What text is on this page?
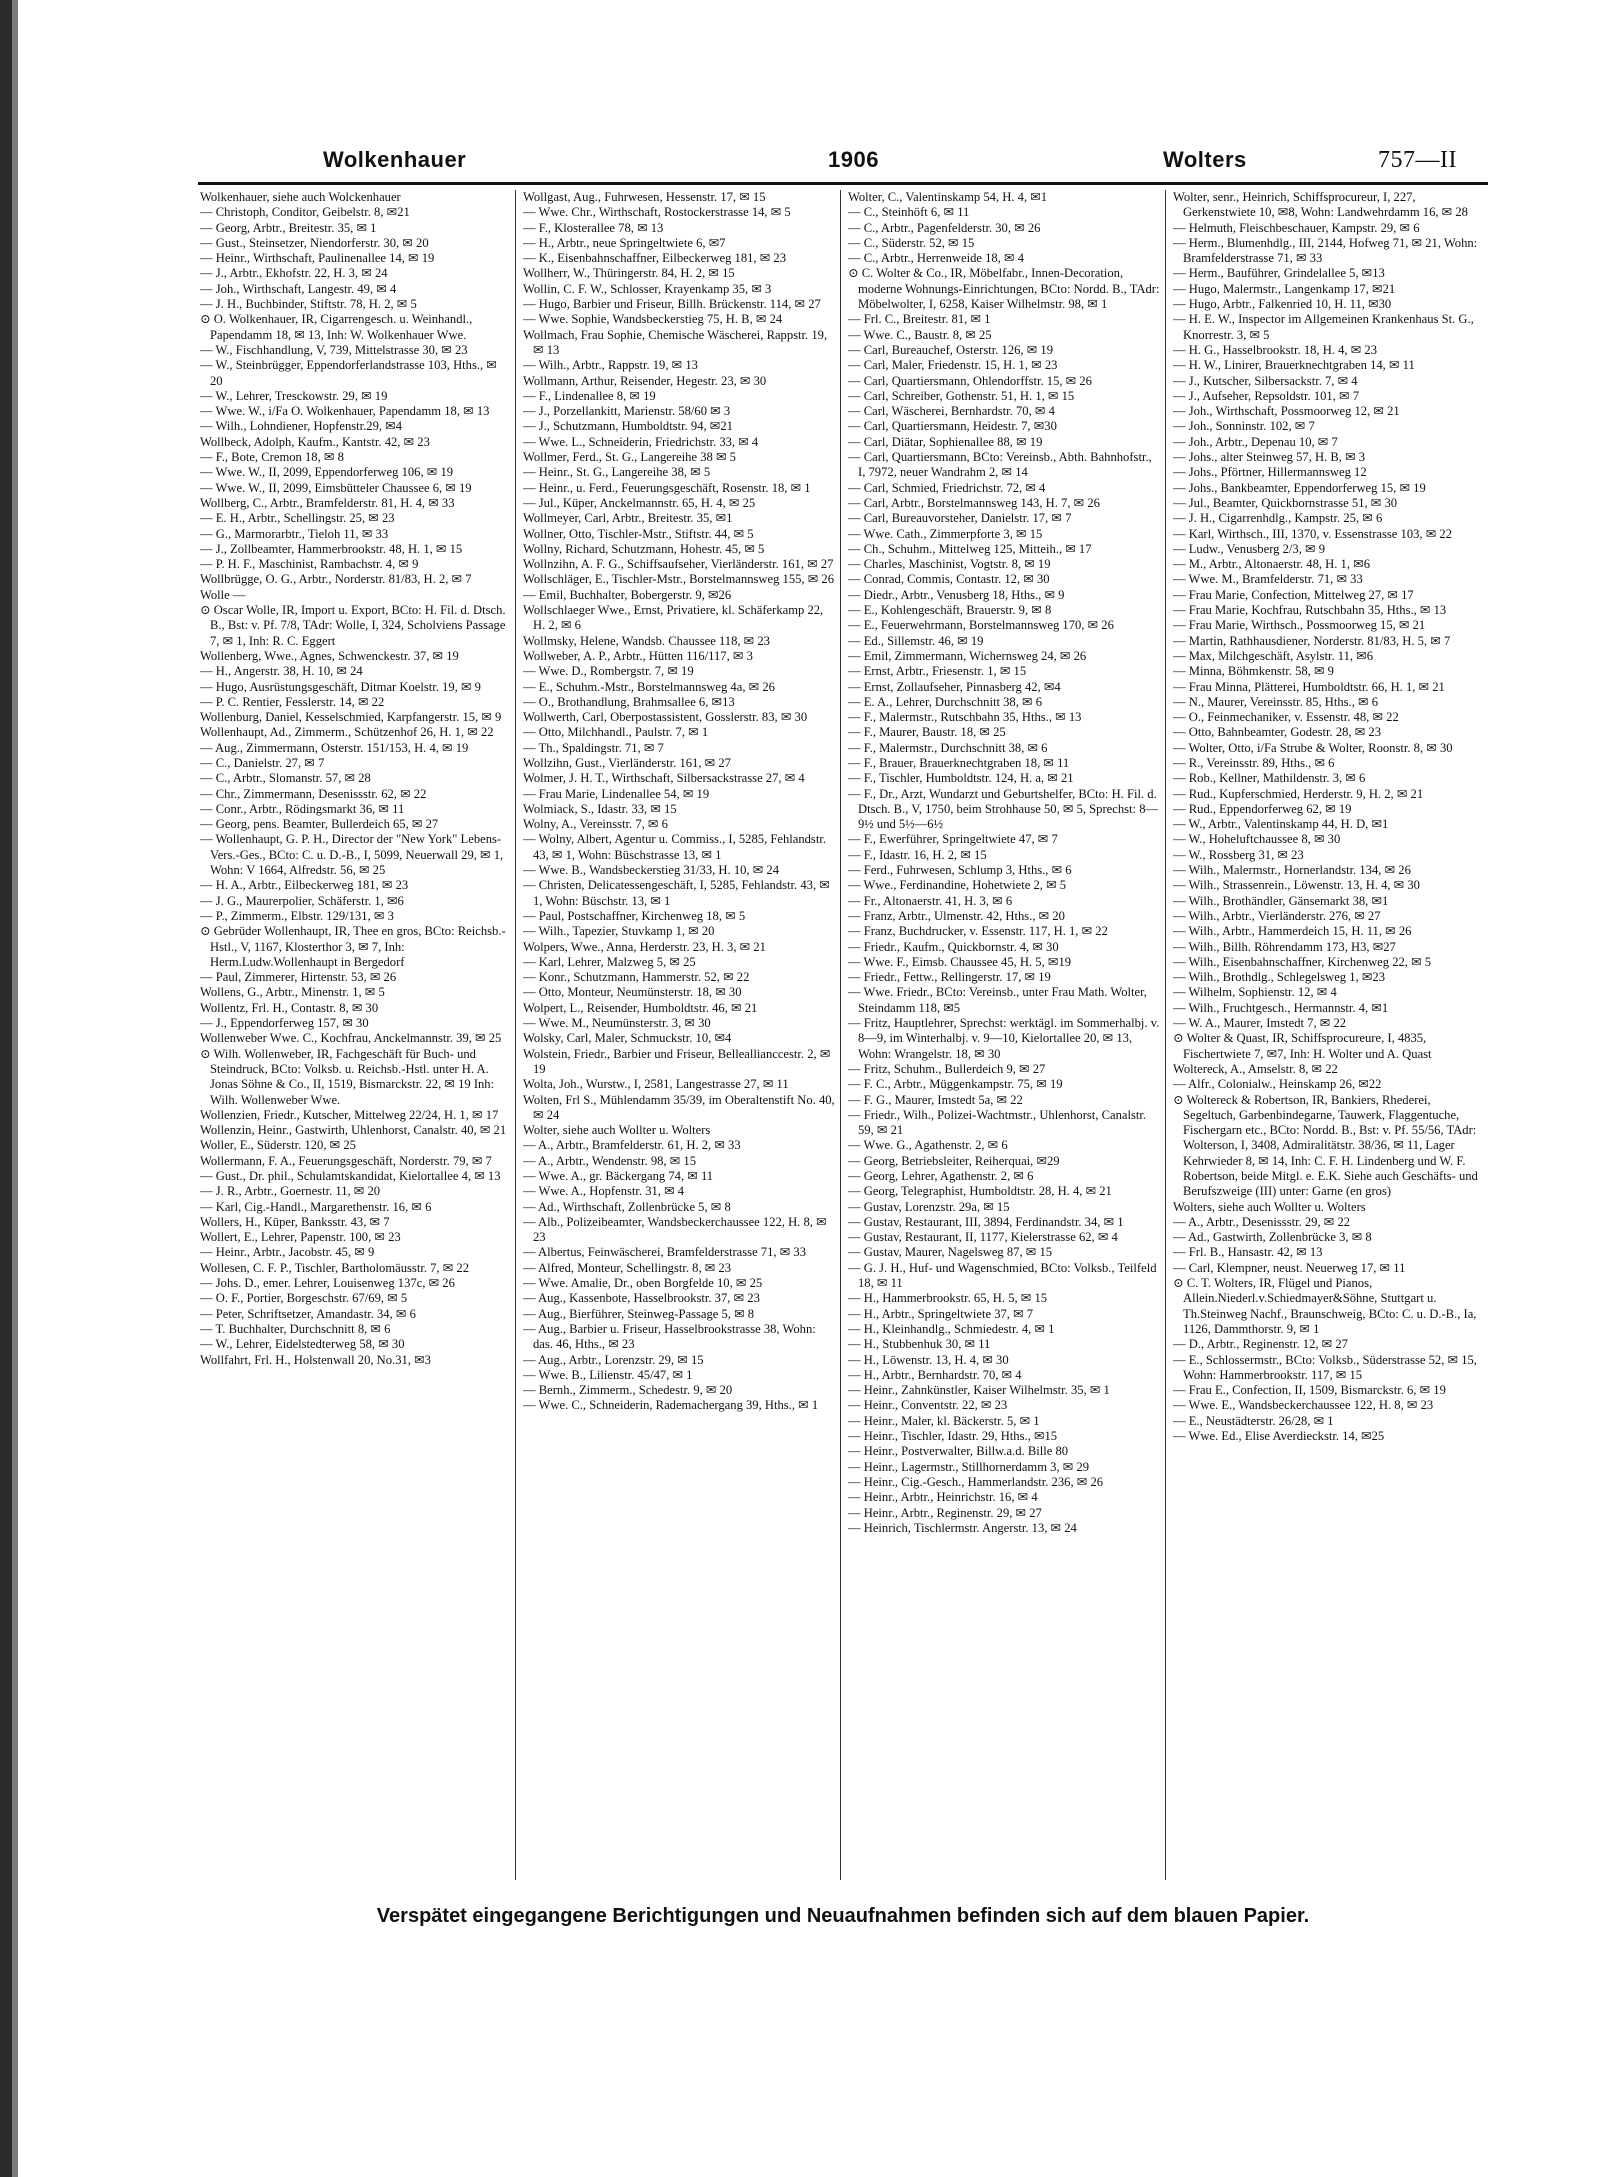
Wolkenhauer	1906	Wolters	757—II
Wolkenhauer, siehe auch Wolckenhauer
— Christoph, Conditor, Geibelstr. 8, ✉21
— Georg, Arbtr., Breitestr. 35, ✉ 1
— Gust., Steinsetzer, Niendorferstr. 30, ✉ 20
— Heinr., Wirthschaft, Paulinenallee 14, ✉ 19
— J., Arbtr., Ekhofstr. 22, H. 3, ✉ 24
— Joh., Wirthschaft, Langestr. 49, ✉ 4
— J. H., Buchbinder, Stiftstr. 78, H. 2, ✉ 5
⊙ O. Wolkenhauer, IR, Cigarrengesch. u. Weinhandl., Papendamm 18, ✉ 13, Inh: W. Wolkenhauer Wwe.
— W., Fischhandlung, V, 739, Mittelstrasse 30, ✉ 23
— W., Steinbrügger, Eppendorferlandstrasse 103, Hths., ✉ 20
— W., Lehrer, Tresckowstr. 29, ✉ 19
— Wwe. W., i/Fa O. Wolkenhauer, Papendamm 18, ✉ 13
— Wilh., Lohndiener, Hopfenstr.29, ✉4
Wollbeck, Adolph, Kaufm., Kantstr. 42, ✉ 23
— F., Bote, Cremon 18, ✉ 8
— Wwe. W., II, 2099, Eppendorferweg 106, ✉ 19
— Wwe. W., II, 2099, Eimsbütteler Chaussee 6, ✉ 19
Wollberg, C., Arbtr., Bramfelderstr. 81, H. 4, ✉ 33
— E. H., Arbtr., Schellingstr. 25, ✉ 23
— G., Marmorarbtr., Tieloh 11, ✉ 33
— J., Zollbeamter, Hammerbrookstr. 48, H. 1, ✉ 15
— P. H. F., Maschinist, Rambachstr. 4, ✉ 9
Wollbrügge, O. G., Arbtr., Norderstr. 81/83, H. 2, ✉ 7
Wolle —
⊙ Oscar Wolle, IR, Import u. Export, BCto: H. Fil. d. Dtsch. B., Bst: v. Pf. 7/8, TAdr: Wolle, I, 324, Scholviens Passage 7, ✉ 1, Inh: R. C. Eggert
Wollenberg, Wwe., Agnes, Schwenckestr. 37, ✉ 19
— H., Angerstr. 38, H. 10, ✉ 24
— Hugo, Ausrüstungsgeschäft, Ditmar Koelstr. 19, ✉ 9
— P. C. Rentier, Fesslerstr. 14, ✉ 22
Wollenburg, Daniel, Kesselschmied, Karpfangerstr. 15, ✉ 9
Wollenhaupt, Ad., Zimmerm., Schützenhof 26, H. 1, ✉ 22
— Aug., Zimmermann, Osterstr. 151/153, H. 4, ✉ 19
— C., Danielstr. 27, ✉ 7
— C., Arbtr., Slomanstr. 57, ✉ 28
— Chr., Zimmermann, Desenissstr. 62, ✉ 22
— Conr., Arbtr., Rödingsmarkt 36, ✉ 11
— Georg, pens. Beamter, Bullerdeich 65, ✉ 27
— Wollenhaupt, G. P. H., Director der "New York" Lebens-Vers.-Ges., BCto: C. u. D.-B., I, 5099, Neuerwall 29, ✉ 1, Wohn: V 1664, Alfredstr. 56, ✉ 25
— H. A., Arbtr., Eilbeckerweg 181, ✉ 23
— J. G., Maurerpolier, Schäferstr. 1, ✉6
— P., Zimmerm., Elbstr. 129/131, ✉ 3
⊙ Gebrüder Wollenhaupt, IR, Thee en gros, BCto: Reichsb.-Hstl., V, 1167, Klosterthor 3, ✉ 7, Inh: Herm.Ludw.Wollenhaupt in Bergedorf
— Paul, Zimmerer, Hirtenstr. 53, ✉ 26
Wollens, G., Arbtr., Minenstr. 1, ✉ 5
Wollentz, Frl. H., Contastr. 8, ✉ 30
— J., Eppendorferweg 157, ✉ 30
Wollenweber Wwe. C., Kochfrau, Anckelmannstr. 39, ✉ 25
⊙ Wilh. Wollenweber, IR, Fachgeschäft für Buch- und Steindruck, BCto: Volksb. u. Reichsb.-Hstl. unter H. A. Jonas Söhne & Co., II, 1519, Bismarckstr. 22, ✉ 19 Inh: Wilh. Wollenweber Wwe.
Wollenzien, Friedr., Kutscher, Mittelweg 22/24, H. 1, ✉ 17
Wollenzin, Heinr., Gastwirth, Uhlenhorst, Canalstr. 40, ✉ 21
Woller, E., Süderstr. 120, ✉ 25
Wollermann, F. A., Feuerungsgeschäft, Norderstr. 79, ✉ 7
— Gust., Dr. phil., Schulamtskandidat, Kielortallee 4, ✉ 13
— J. R., Arbtr., Goernestr. 11, ✉ 20
— Karl, Cig.-Handl., Margarethenstr. 16, ✉ 6
Wollers, H., Küper, Banksstr. 43, ✉ 7
Wollert, E., Lehrer, Papenstr. 100, ✉ 23
— Heinr., Arbtr., Jacobstr. 45, ✉ 9
Wollesen, C. F. P., Tischler, Bartholomäusstr. 7, ✉ 22
— Johs. D., emer. Lehrer, Louisenweg 137c, ✉ 26
— O. F., Portier, Borgeschstr. 67/69, ✉ 5
— Peter, Schriftsetzer, Amandastr. 34, ✉ 6
— T. Buchhalter, Durchschnitt 8, ✉ 6
— W., Lehrer, Eidelstedterweg 58, ✉ 30
Wollfahrt, Frl. H., Holstenwall 20, No.31, ✉3
Wollgast, Aug., Fuhrwesen, Hessenstr. 17, ✉ 15
— Wwe. Chr., Wirthschaft, Rostockerstrasse 14, ✉ 5
— F., Klosterallee 78, ✉ 13
— H., Arbtr., neue Springeltwiete 6, ✉7
— K., Eisenbahnschaffner, Eilbeckerweg 181, ✉ 23
Wollherr, W., Thüringerstr. 84, H. 2, ✉ 15
Wollin, C. F. W., Schlosser, Krayenkamp 35, ✉ 3
— Hugo, Barbier und Friseur, Billh. Brückenstr. 114, ✉ 27
— Wwe. Sophie, Wandsbeckerstieg 75, H. B, ✉ 24
Wollmach, Frau Sophie, Chemische Wäscherei, Rappstr. 19, ✉ 13
— Wilh., Arbtr., Rappstr. 19, ✉ 13
Wollmann, Arthur, Reisender, Hegestr. 23, ✉ 30
— F., Lindenallee 8, ✉ 19
— J., Porzellankitt, Marienstr. 58/60 ✉ 3
— J., Schutzmann, Humboldtstr. 94, ✉21
— Wwe. L., Schneiderin, Friedrichstr. 33, ✉ 4
Wollmer, Ferd., St. G., Langereihe 38 ✉ 5
— Heinr., St. G., Langereihe 38, ✉ 5
— Heinr., u. Ferd., Feuerungsgeschäft, Rosenstr. 18, ✉ 1
— Jul., Küper, Anckelmannstr. 65, H. 4, ✉ 25
Wollmeyer, Carl, Arbtr., Breitestr. 35, ✉1
Wollner, Otto, Tischler-Mstr., Stiftstr. 44, ✉ 5
Wollny, Richard, Schutzmann, Hohestr. 45, ✉ 5
Wollnzihn, A. F. G., Schiffsaufseher, Vierländerstr. 161, ✉ 27
Wollschläger, E., Tischler-Mstr., Borstelmannsweg 155, ✉ 26
— Emil, Buchhalter, Bobergerstr. 9, ✉26
Wollschlaeger Wwe., Ernst, Privatiere, kl. Schäferkamp 22, H. 2, ✉ 6
Wollmsky, Helene, Wandsb. Chaussee 118, ✉ 23
Wollweber, A. P., Arbtr., Hütten 116/117, ✉ 3
— Wwe. D., Rombergstr. 7, ✉ 19
— E., Schuhm.-Mstr., Borstelmannsweg 4a, ✉ 26
— O., Brothandlung, Brahmsallee 6, ✉13
Wollwerth, Carl, Oberpostassistent, Gosslerstr. 83, ✉ 30
— Otto, Milchhandl., Paulstr. 7, ✉ 1
— Th., Spaldingstr. 71, ✉ 7
Wollzihn, Gust., Vierländerstr. 161, ✉ 27
Wolmer, J. H. T., Wirthschaft, Silbersackstrasse 27, ✉ 4
— Frau Marie, Lindenallee 54, ✉ 19
Wolmiack, S., Idastr. 33, ✉ 15
Wolny, A., Vereinsstr. 7, ✉ 6
— Wolny, Albert, Agentur u. Commiss., I, 5285, Fehlandstr. 43, ✉ 1, Wohn: Büschstrasse 13, ✉ 1
— Wwe. B., Wandsbeckerstieg 31/33, H. 10, ✉ 24
— Christen, Delicatessengeschäft, I, 5285, Fehlandstr. 43, ✉ 1, Wohn: Büschstr. 13, ✉ 1
— Paul, Postschaffner, Kirchenweg 18, ✉ 5
— Wilh., Tapezier, Stuvkamp 1, ✉ 20
Wolpers, Wwe., Anna, Herderstr. 23, H. 3, ✉ 21
— Karl, Lehrer, Malzweg 5, ✉ 25
— Konr., Schutzmann, Hammerstr. 52, ✉ 22
— Otto, Monteur, Neumünsterstr. 18, ✉ 30
Wolpert, L., Reisender, Humboldtstr. 46, ✉ 21
— Wwe. M., Neumünsterstr. 3, ✉ 30
Wolsky, Carl, Maler, Schmuckstr. 10, ✉4
Wolstein, Friedr., Barbier und Friseur, Belleallianccestr. 2, ✉ 19
Wolta, Joh., Wurstw., I, 2581, Langestrasse 27, ✉ 11
Wolten, Frl S., Mühlendamm 35/39, im Oberaltenstift No. 40, ✉ 24
Wolter, siehe auch Wollter u. Wolters
— A., Arbtr., Bramfelderstr. 61, H. 2, ✉ 33
— A., Arbtr., Wendenstr. 98, ✉ 15
— Wwe. A., gr. Bäckergang 74, ✉ 11
— Wwe. A., Hopfenstr. 31, ✉ 4
— Ad., Wirthschaft, Zollenbrücke 5, ✉ 8
— Alb., Polizeibeamter, Wandsbeckerchaussee 122, H. 8, ✉ 23
— Albertus, Feinwäscherei, Bramfelderstrasse 71, ✉ 33
— Alfred, Monteur, Schellingstr. 8, ✉ 23
— Wwe. Amalie, Dr., oben Borgfelde 10, ✉ 25
— Aug., Kassenbote, Hasselbrookstr. 37, ✉ 23
— Aug., Bierführer, Steinweg-Passage 5, ✉ 8
— Aug., Barbier u. Friseur, Hasselbrookstrasse 38, Wohn: das. 46, Hths., ✉ 23
— Aug., Arbtr., Lorenzstr. 29, ✉ 15
— Wwe. B., Lilienstr. 45/47, ✉ 1
— Bernh., Zimmerm., Schedestr. 9, ✉ 20
— Wwe. C., Schneiderin, Rademachergang 39, Hths., ✉ 1
Wolter, C., Valentinskamp 54, H. 4, ✉1
— C., Steinhöft 6, ✉ 11
— C., Arbtr., Pagenfelderstr. 30, ✉ 26
— C., Süderstr. 52, ✉ 15
— C., Arbtr., Herrenweide 18, ✉ 4
⊙ C. Wolter & Co., IR, Möbelfabr., Innen-Decoration, moderne Wohnungs-Einrichtungen, BCto: Nordd. B., TAdr: Möbelwolter, I, 6258, Kaiser Wilhelmstr. 98, ✉ 1
— Frl. C., Breitestr. 81, ✉ 1
— Wwe. C., Baustr. 8, ✉ 25
— Carl, Bureauchef, Osterstr. 126, ✉ 19
— Carl, Maler, Friedenstr. 15, H. 1, ✉ 23
— Carl, Quartiersmann, Ohlendorffstr. 15, ✉ 26
— Carl, Schreiber, Gothenstr. 51, H. 1, ✉ 15
— Carl, Wäscherei, Bernhardstr. 70, ✉ 4
— Carl, Quartiersmann, Heidestr. 7, ✉30
— Carl, Diätar, Sophienallee 88, ✉ 19
— Carl, Quartiersmann, BCto: Vereinsb., Abth. Bahnhofstr., I, 7972, neuer Wandrahm 2, ✉ 14
— Carl, Schmied, Friedrichstr. 72, ✉ 4
— Carl, Arbtr., Borstelmannsweg 143, H. 7, ✉ 26
— Carl, Bureauvorsteher, Danielstr. 17, ✉ 7
— Wwe. Cath., Zimmerpforte 3, ✉ 15
— Ch., Schuhm., Mittelweg 125, Mitteih., ✉ 17
— Charles, Maschinist, Vogtstr. 8, ✉ 19
— Conrad, Commis, Contastr. 12, ✉ 30
— Diedr., Arbtr., Venusberg 18, Hths., ✉ 9
— E., Kohlengeschäft, Brauerstr. 9, ✉ 8
— E., Feuerwehrmann, Borstelmannsweg 170, ✉ 26
— Ed., Sillemstr. 46, ✉ 19
— Emil, Zimmermann, Wichernsweg 24, ✉ 26
— Ernst, Arbtr., Friesenstr. 1, ✉ 15
— Ernst, Zollaufseher, Pinnasberg 42, ✉4
— E. A., Lehrer, Durchschnitt 38, ✉ 6
— F., Malermstr., Rutschbahn 35, Hths., ✉ 13
— F., Maurer, Baustr. 18, ✉ 25
— F., Malermstr., Durchschnitt 38, ✉ 6
— F., Brauer, Brauerknechtgraben 18, ✉ 11
— F., Tischler, Humboldtstr. 124, H. a, ✉ 21
— F., Dr., Arzt, Wundarzt und Geburtshelfer, BCto: H. Fil. d. Dtsch. B., V, 1750, beim Strohhause 50, ✉ 5, Sprechst: 8—9½ und 5½—6½
— F., Ewerführer, Springeltwiete 47, ✉ 7
— F., Idastr. 16, H. 2, ✉ 15
— Ferd., Fuhrwesen, Schlump 3, Hths., ✉ 6
— Wwe., Ferdinandine, Hohetwiete 2, ✉ 5
— Fr., Altonaerstr. 41, H. 3, ✉ 6
— Franz, Arbtr., Ulmenstr. 42, Hths., ✉ 20
— Franz, Buchdrucker, v. Essenstr. 117, H. 1, ✉ 22
— Friedr., Kaufm., Quickbornstr. 4, ✉ 30
— Wwe. F., Eimsb. Chaussee 45, H. 5, ✉19
— Friedr., Fettw., Rellingerstr. 17, ✉ 19
— Wwe. Friedr., BCto: Vereinsb., unter Frau Math. Wolter, Steindamm 118, ✉5
— Fritz, Hauptlehrer, Sprechst: werktägl. im Sommerhalbj. v. 8—9, im Winterhalbj. v. 9—10, Kielortallee 20, ✉ 13, Wohn: Wrangelstr. 18, ✉ 30
— Fritz, Schuhm., Bullerdeich 9, ✉ 27
— F. C., Arbtr., Müggenkampstr. 75, ✉ 19
— F. G., Maurer, Imstedt 5a, ✉ 22
— Friedr., Wilh., Polizei-Wachtmstr., Uhlenhorst, Canalstr. 59, ✉ 21
— Wwe. G., Agathenstr. 2, ✉ 6
— Georg, Betriebsleiter, Reiherquai, ✉29
— Georg, Lehrer, Agathenstr. 2, ✉ 6
— Georg, Telegraphist, Humboldtstr. 28, H. 4, ✉ 21
— Gustav, Lorenzstr. 29a, ✉ 15
— Gustav, Restaurant, III, 3894, Ferdinandstr. 34, ✉ 1
— Gustav, Restaurant, II, 1177, Kielerstrasse 62, ✉ 4
— Gustav, Maurer, Nagelsweg 87, ✉ 15
— G. J. H., Huf- und Wagenschmied, BCto: Volksb., Teilfeld 18, ✉ 11
— H., Hammerbrookstr. 65, H. 5, ✉ 15
— H., Arbtr., Springeltwiete 37, ✉ 7
— H., Kleinhandlg., Schmiedestr. 4, ✉ 1
— H., Stubbenhuk 30, ✉ 11
— H., Löwenstr. 13, H. 4, ✉ 30
— H., Arbtr., Bernhardstr. 70, ✉ 4
— Heinr., Zahnkünstler, Kaiser Wilhelmstr. 35, ✉ 1
— Heinr., Conventstr. 22, ✉ 23
— Heinr., Maler, kl. Bäckerstr. 5, ✉ 1
— Heinr., Tischler, Idastr. 29, Hths., ✉15
— Heinr., Postverwalter, Billw.a.d. Bille 80
— Heinr., Lagermstr., Stillhornerdamm 3, ✉ 29
— Heinr., Cig.-Gesch., Hammerlandstr. 236, ✉ 26
— Heinr., Arbtr., Heinrichstr. 16, ✉ 4
— Heinr., Arbtr., Reginenstr. 29, ✉ 27
— Heinrich, Tischlermstr. Angerstr. 13, ✉ 24
Wolter, senr., Heinrich, Schiffsprocureur, I, 227, Gerkenstwiete 10, ✉8, Wohn: Landwehrdamm 16, ✉ 28
— Helmuth, Fleischbeschauer, Kampstr. 29, ✉ 6
— Herm., Blumenhdlg., III, 2144, Hofweg 71, ✉ 21, Wohn: Bramfelderstrasse 71, ✉ 33
— Herm., Bauführer, Grindelallee 5, ✉13
— Hugo, Malermstr., Langenkamp 17, ✉21
— Hugo, Arbtr., Falkenried 10, H. 11, ✉30
— H. E. W., Inspector im Allgemeinen Krankenhaus St. G., Knorrestr. 3, ✉ 5
— H. G., Hasselbrookstr. 18, H. 4, ✉ 23
— H. W., Linirer, Brauerknechtgraben 14, ✉ 11
— J., Kutscher, Silbersackstr. 7, ✉ 4
— J., Aufseher, Repsoldstr. 101, ✉ 7
— Joh., Wirthschaft, Possmoorweg 12, ✉ 21
— Joh., Sonninstr. 102, ✉ 7
— Joh., Arbtr., Depenau 10, ✉ 7
— Johs., alter Steinweg 57, H. B, ✉ 3
— Johs., Pförtner, Hillermannsweg 12
— Johs., Bankbeamter, Eppendorferweg 15, ✉ 19
— Jul., Beamter, Quickbornstrasse 51, ✉ 30
— J. H., Cigarrenhdlg., Kampstr. 25, ✉ 6
— Karl, Wirthsch., III, 1370, v. Essenstrasse 103, ✉ 22
— Ludw., Venusberg 2/3, ✉ 9
— M., Arbtr., Altonaerstr. 48, H. 1, ✉6
— Wwe. M., Bramfelderstr. 71, ✉ 33
— Frau Marie, Confection, Mittelweg 27, ✉ 17
— Frau Marie, Kochfrau, Rutschbahn 35, Hths., ✉ 13
— Frau Marie, Wirthsch., Possmoorweg 15, ✉ 21
— Martin, Rathhausdiener, Norderstr. 81/83, H. 5, ✉ 7
— Max, Milchgeschäft, Asylstr. 11, ✉6
— Minna, Böhmkenstr. 58, ✉ 9
— Frau Minna, Plätterei, Humboldtstr. 66, H. 1, ✉ 21
— N., Maurer, Vereinsstr. 85, Hths., ✉ 6
— O., Feinmechaniker, v. Essenstr. 48, ✉ 22
— Otto, Bahnbeamter, Godestr. 28, ✉ 23
— Wolter, Otto, i/Fa Strube & Wolter, Roonstr. 8, ✉ 30
— R., Vereinsstr. 89, Hths., ✉ 6
— Rob., Kellner, Mathildenstr. 3, ✉ 6
— Rud., Kupferschmied, Herderstr. 9, H. 2, ✉ 21
— Rud., Eppendorferweg 62, ✉ 19
— W., Arbtr., Valentinskamp 44, H. D, ✉1
— W., Hoheluftchaussee 8, ✉ 30
— W., Rossberg 31, ✉ 23
— Wilh., Malermstr., Hornerlandstr. 134, ✉ 26
— Wilh., Strassenrein., Löwenstr. 13, H. 4, ✉ 30
— Wilh., Brothändler, Gänsemarkt 38, ✉1
— Wilh., Arbtr., Vierländerstr. 276, ✉ 27
— Wilh., Arbtr., Hammerdeich 15, H. 11, ✉ 26
— Wilh., Billh. Röhrendamm 173, H3, ✉27
— Wilh., Eisenbahnschaffner, Kirchenweg 22, ✉ 5
— Wilh., Brothdlg., Schlegelsweg 1, ✉23
— Wilhelm, Sophienstr. 12, ✉ 4
— Wilh., Fruchtgesch., Hermannstr. 4, ✉1
— W. A., Maurer, Imstedt 7, ✉ 22
⊙ Wolter & Quast, IR, Schiffsprocureure, I, 4835, Fischertwiete 7, ✉7, Inh: H. Wolter und A. Quast
Woltereck, A., Amselstr. 8, ✉ 22
— Alfr., Colonialw., Heinskamp 26, ✉22
⊙ Woltereck & Robertson, IR, Bankiers, Rhederei, Segeltuch, Garbenbindegarne, Tauwerk, Flaggentuche, Fischergarn etc., BCto: Nordd. B., Bst: v. Pf. 55/56, TAdr: Wolterson, I, 3408, Admiralitätstr. 38/36, ✉ 11, Lager Kehrwieder 8, ✉ 14, Inh: C. F. H. Lindenberg und W. F. Robertson, beide Mitgl. e. E.K. Siehe auch Geschäfts- und Berufszweige (III) unter: Garne (en gros)
Wolters, siehe auch Wollter u. Wolters
— A., Arbtr., Desenissstr. 29, ✉ 22
— Ad., Gastwirth, Zollenbrücke 3, ✉ 8
— Frl. B., Hansastr. 42, ✉ 13
— Carl, Klempner, neust. Neuerweg 17, ✉ 11
⊙ C. T. Wolters, IR, Flügel und Pianos, Allein.Niederl.v.Schiedmayer&Söhne, Stuttgart u. Th.Steinweg Nachf., Braunschweig, BCto: C. u. D.-B., Ia, 1126, Dammthorstr. 9, ✉ 1
— D., Arbtr., Reginenstr. 12, ✉ 27
— E., Schlossermstr., BCto: Volksb., Süderstrasse 52, ✉ 15, Wohn: Hammerbrookstr. 117, ✉ 15
— Frau E., Confection, II, 1509, Bismarckstr. 6, ✉ 19
— Wwe. E., Wandsbeckerchaussee 122, H. 8, ✉ 23
— E., Neustädterstr. 26/28, ✉ 1
— Wwe. Ed., Elise Averdieckstr. 14, ✉25
Verspätet eingegangene Berichtigungen und Neuaufnahmen befinden sich auf dem blauen Papier.
